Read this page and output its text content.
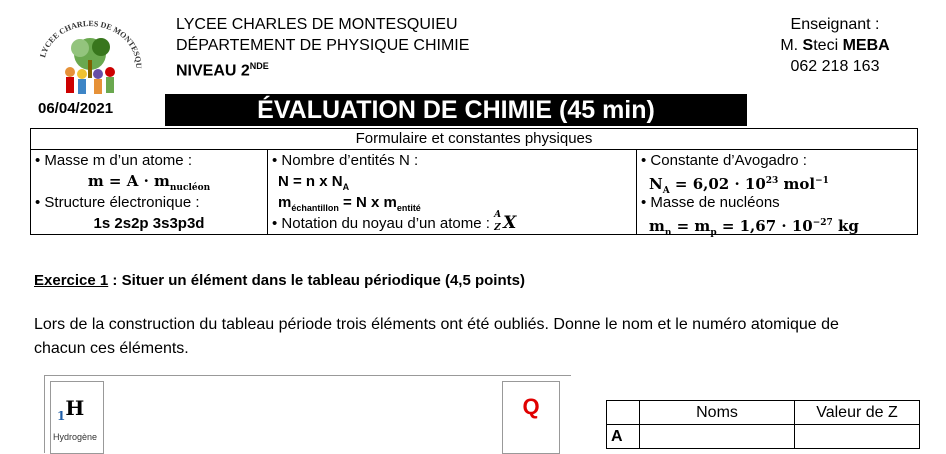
LYCEE CHARLES DE MONTESQU
LYCEE CHARLES DE MONTESQUIEU
DÉPARTEMENT DE PHYSIQUE CHIMIE
NIVEAU 2NDE
Enseignant :
M. Steci MEBA
062 218 163
06/04/2021	ÉVALUATION DE CHIMIE (45 min)
Formulaire et constantes physiques

• Masse m d’un atome :
$m = A \cdot m_{nucléon}$
• Structure électronique :
1s 2s2p 3s3p3d

• Nombre d’entités N :
N = n x $N_A$
$m_{échantillon} = N$ x $m_{entité}$
• Notation du noyau d’un atome : A
Z X

• Constante d’Avogadro :
$N_A = 6,02 \cdot 10^{23}$ mol$^{-1}$
• Masse de nucléons
$m_n = m_p = 1,67 \cdot 10^{-27}$ kg
Exercice 1 : Situer un élément dans le tableau périodique (4,5 points)
Lors de la construction du tableau période trois éléments ont été oubliés. Donne le nom et le numéro atomique de chacun ces éléments.
$_1$H
Hydrogène
Q
		Noms	Valeur de Z
A		
